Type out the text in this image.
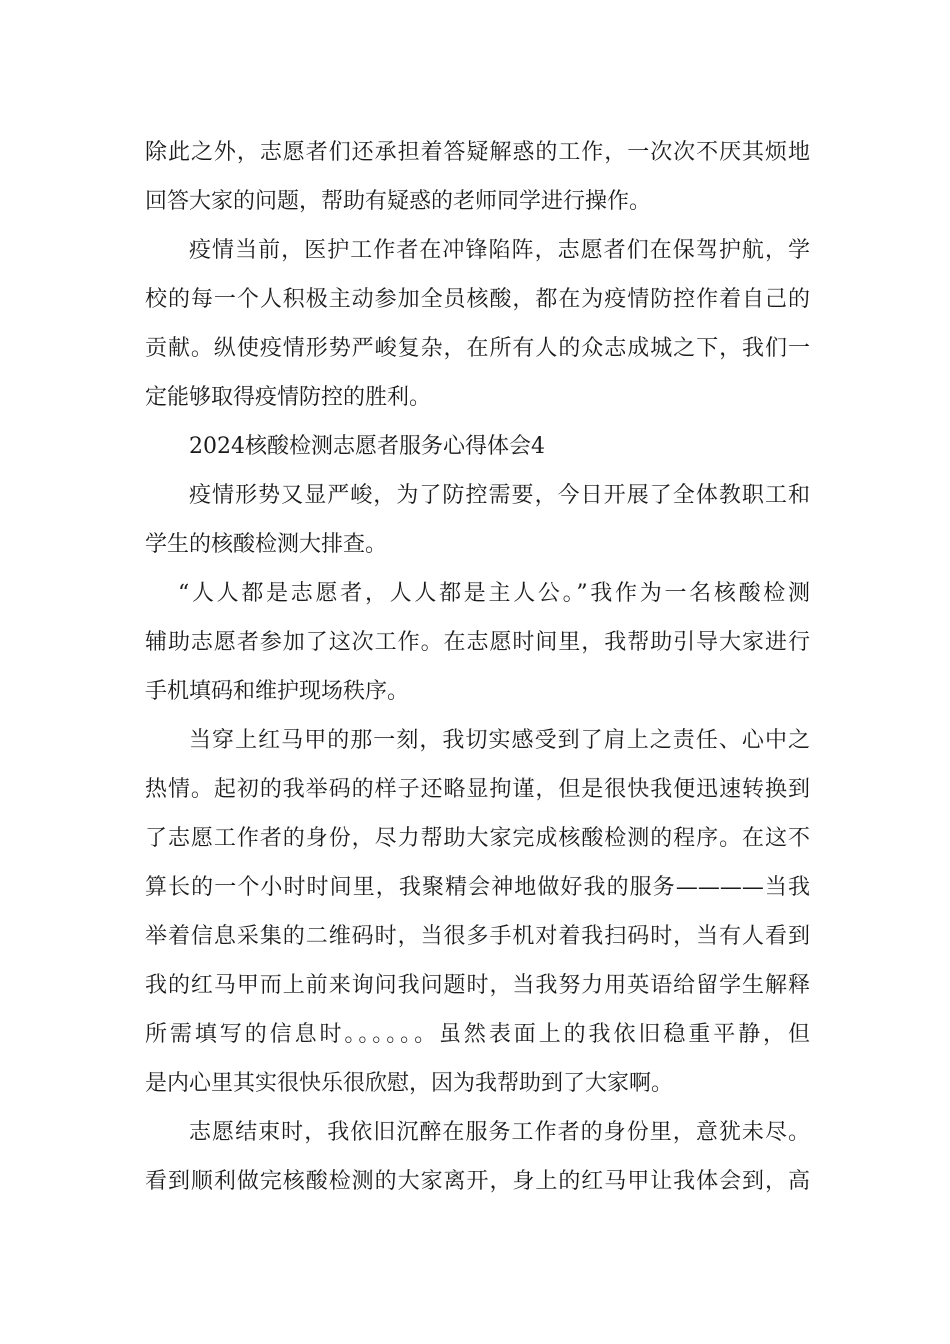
除此之外，志愿者们还承担着答疑解惑的工作，一次次不厌其烦地
回答大家的问题，帮助有疑惑的老师同学进行操作。
疫情当前，医护工作者在冲锋陷阵，志愿者们在保驾护航，学
校的每一个人积极主动参加全员核酸，都在为疫情防控作着自己的
贡献。纵使疫情形势严峻复杂，在所有人的众志成城之下，我们一
定能够取得疫情防控的胜利。
2024核酸检测志愿者服务心得体会4
疫情形势又显严峻，为了防控需要，今日开展了全体教职工和
学生的核酸检测大排查。
“人人都是志愿者，人人都是主人公。”我作为一名核酸检测
辅助志愿者参加了这次工作。在志愿时间里，我帮助引导大家进行
手机填码和维护现场秩序。
当穿上红马甲的那一刻，我切实感受到了肩上之责任、心中之
热情。起初的我举码的样子还略显拘谨，但是很快我便迅速转换到
了志愿工作者的身份，尽力帮助大家完成核酸检测的程序。在这不
算长的一个小时时间里，我聚精会神地做好我的服务————当我
举着信息采集的二维码时，当很多手机对着我扫码时，当有人看到
我的红马甲而上前来询问我问题时，当我努力用英语给留学生解释
所需填写的信息时。。。。。。虽然表面上的我依旧稳重平静，但
是内心里其实很快乐很欣慰，因为我帮助到了大家啊。
志愿结束时，我依旧沉醉在服务工作者的身份里，意犹未尽。
看到顺利做完核酸检测的大家离开，身上的红马甲让我体会到，高
